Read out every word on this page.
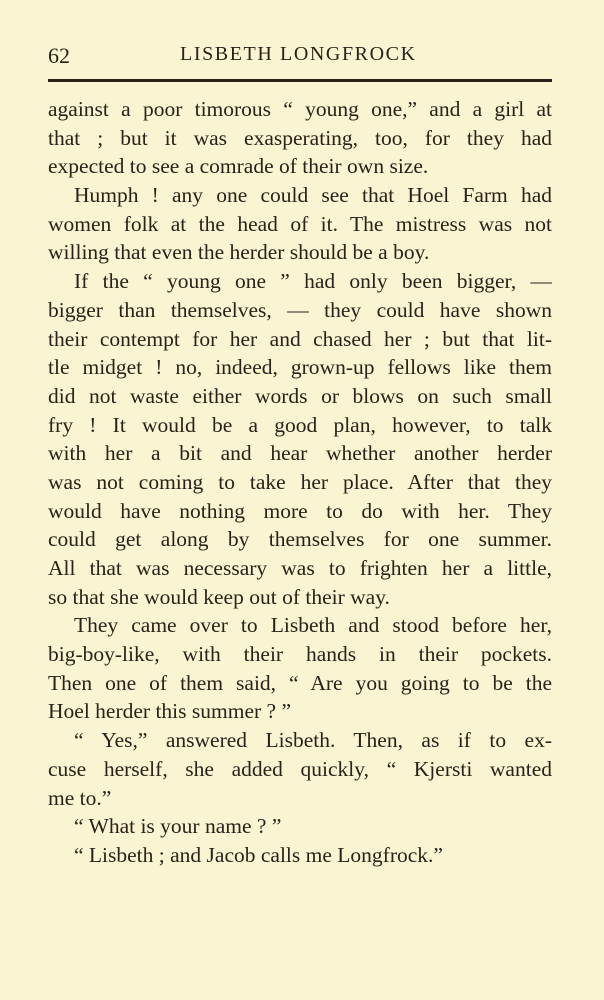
62	LISBETH LONGFROCK
against a poor timorous “ young one,” and a girl at
that ; but it was exasperating, too, for they had
expected to see a comrade of their own size.
Humph ! any one could see that Hoel Farm had
women folk at the head of it. The mistress was not
willing that even the herder should be a boy.
If the “ young one ” had only been bigger, —
bigger than themselves, — they could have shown
their contempt for her and chased her ; but that lit-
tle midget ! no, indeed, grown-up fellows like them
did not waste either words or blows on such small
fry ! It would be a good plan, however, to talk
with her a bit and hear whether another herder
was not coming to take her place. After that they
would have nothing more to do with her. They
could get along by themselves for one summer.
All that was necessary was to frighten her a little,
so that she would keep out of their way.
They came over to Lisbeth and stood before her,
big-boy-like, with their hands in their pockets.
Then one of them said, “ Are you going to be the
Hoel herder this summer ? ”
“ Yes,” answered Lisbeth. Then, as if to ex-
cuse herself, she added quickly, “ Kjersti wanted
me to.”
“ What is your name ? ”
“ Lisbeth ; and Jacob calls me Longfrock.”
